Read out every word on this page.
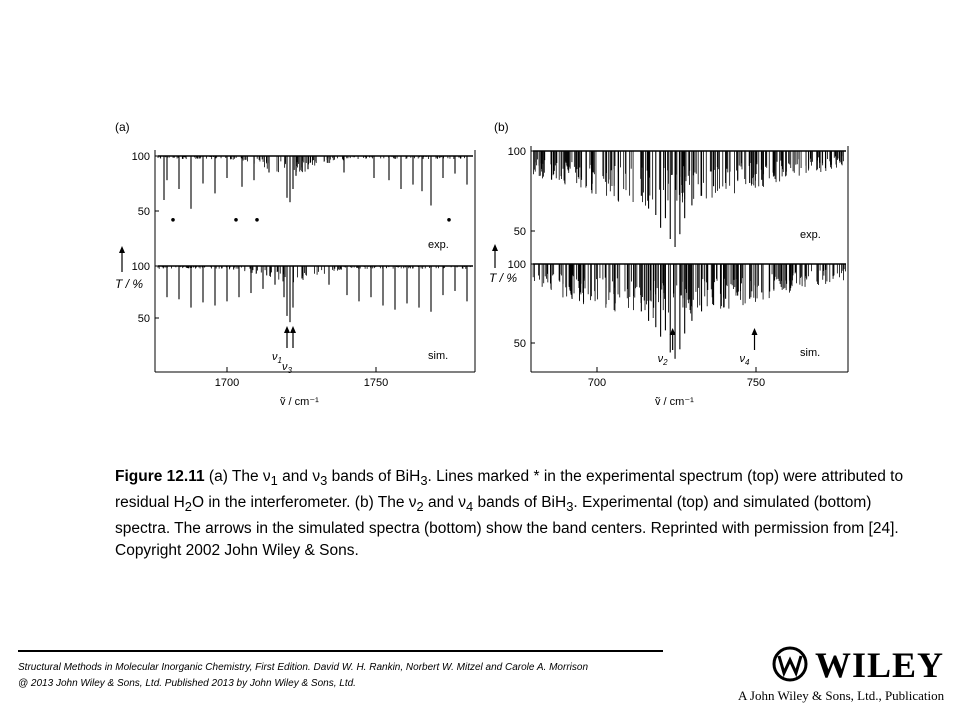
(a)
100
50
100
50
T / %
exp.
sim.
1700	1750
ṽ / cm⁻¹
$\nu_1$
$\nu_3$
(b)
100
50
100
50
T / %
exp.
sim.
700	750
ṽ / cm⁻¹
$\nu_2$	$\nu_4$
Figure 12.11 (a) The $\nu_1$ and $\nu_3$ bands of BiH$_3$. Lines marked * in the experimental spectrum (top) were attributed to residual $H_2O$ in the interferometer. (b) The $\nu_2$ and $\nu_4$ bands of BiH$_3$. Experimental (top) and simulated (bottom) spectra. The arrows in the simulated spectra (bottom) show the band centers. Reprinted with permission from [24]. Copyright 2002 John Wiley & Sons.
Structural Methods in Molecular Inorganic Chemistry, First Edition. David W. H. Rankin, Norbert W. Mitzel and Carole A. Morrison
@ 2013 John Wiley & Sons, Ltd. Published 2013 by John Wiley & Sons, Ltd.	WILEY
A John Wiley & Sons, Ltd., Publication
